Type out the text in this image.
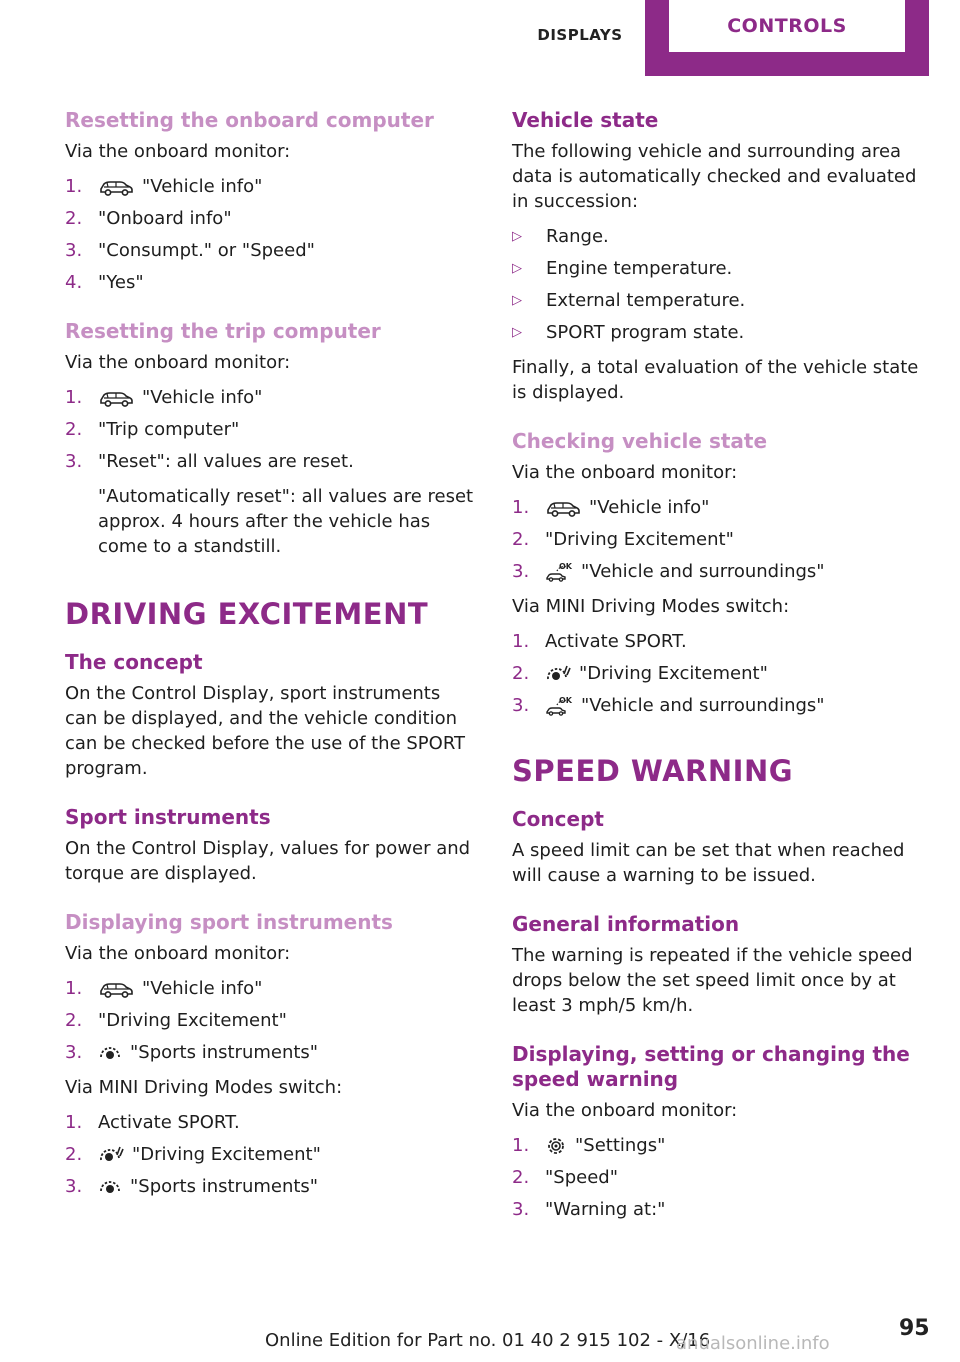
DISPLAYS	CONTROLS
Resetting the onboard computer

Via the onboard monitor:

1.	"Vehicle info"
2. "Onboard info"
3. "Consumpt." or "Speed"
4. "Yes"
Resetting the trip computer

Via the onboard monitor:

1.	"Vehicle info"
2. "Trip computer"
3. "Reset": all values are reset.
"Automatically reset": all values are reset approx. 4 hours after the vehicle has come to a standstill.
DRIVING EXCITEMENT
The concept

On the Control Display, sport instruments can be displayed, and the vehicle condition can be checked before the use of the SPORT program.

Sport instruments

On the Control Display, values for power and torque are displayed.

Displaying sport instruments

Via the onboard monitor:

1.	"Vehicle info"
2. "Driving Excitement"
3.	"Sports instruments"

Via MINI Driving Modes switch:

1. Activate SPORT.
2.	"Driving Excitement"
3.	"Sports instruments"
Vehicle state

The following vehicle and surrounding area data is automatically checked and evaluated in succession:

▷	Range.
▷	Engine temperature.
▷	External temperature.
▷	SPORT program state.

Finally, a total evaluation of the vehicle state is displayed.

Checking vehicle state

Via the onboard monitor:

1.	"Vehicle info"
2. "Driving Excitement"
3.	"Vehicle and surroundings"

Via MINI Driving Modes switch:

1. Activate SPORT.
2.	"Driving Excitement"
3.	"Vehicle and surroundings"
SPEED WARNING
Concept

A speed limit can be set that when reached will cause a warning to be issued.

General information

The warning is repeated if the vehicle speed drops below the set speed limit once by at least 3 mph/5 km/h.

Displaying, setting or changing the speed warning

Via the onboard monitor:

1.	"Settings"
2. "Speed"
3. "Warning at:"
95
Online Edition for Part no. 01 40 2 915 102 - X/16
anualsonline.info
